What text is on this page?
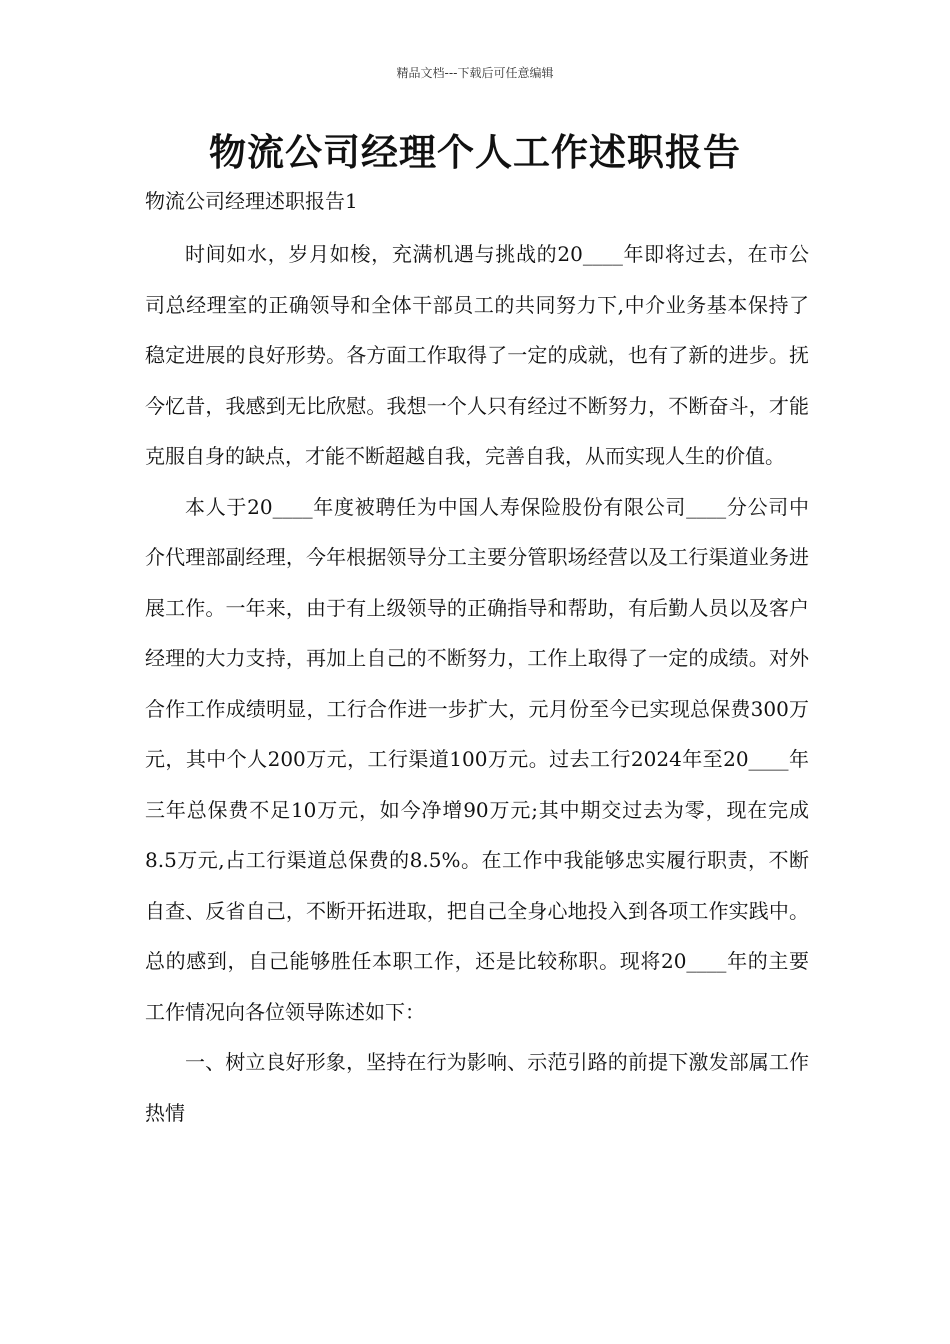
精品文档---下载后可任意编辑
物流公司经理个人工作述职报告
物流公司经理述职报告1

时间如水，岁月如梭，充满机遇与挑战的20____年即将过去，在市公司总经理室的正确领导和全体干部员工的共同努力下,中介业务基本保持了稳定进展的良好形势。各方面工作取得了一定的成就，也有了新的进步。抚今忆昔，我感到无比欣慰。我想一个人只有经过不断努力，不断奋斗，才能克服自身的缺点，才能不断超越自我，完善自我，从而实现人生的价值。

本人于20____年度被聘任为中国人寿保险股份有限公司____分公司中介代理部副经理，今年根据领导分工主要分管职场经营以及工行渠道业务进展工作。一年来，由于有上级领导的正确指导和帮助，有后勤人员以及客户经理的大力支持，再加上自己的不断努力，工作上取得了一定的成绩。对外合作工作成绩明显，工行合作进一步扩大，元月份至今已实现总保费300万元，其中个人200万元，工行渠道100万元。过去工行2024年至20____年三年总保费不足10万元，如今净增90万元;其中期交过去为零，现在完成8.5万元,占工行渠道总保费的8.5%。在工作中我能够忠实履行职责，不断自查、反省自己，不断开拓进取，把自己全身心地投入到各项工作实践中。总的感到，自己能够胜任本职工作，还是比较称职。现将20____年的主要工作情况向各位领导陈述如下：

一、树立良好形象，坚持在行为影响、示范引路的前提下激发部属工作热情
